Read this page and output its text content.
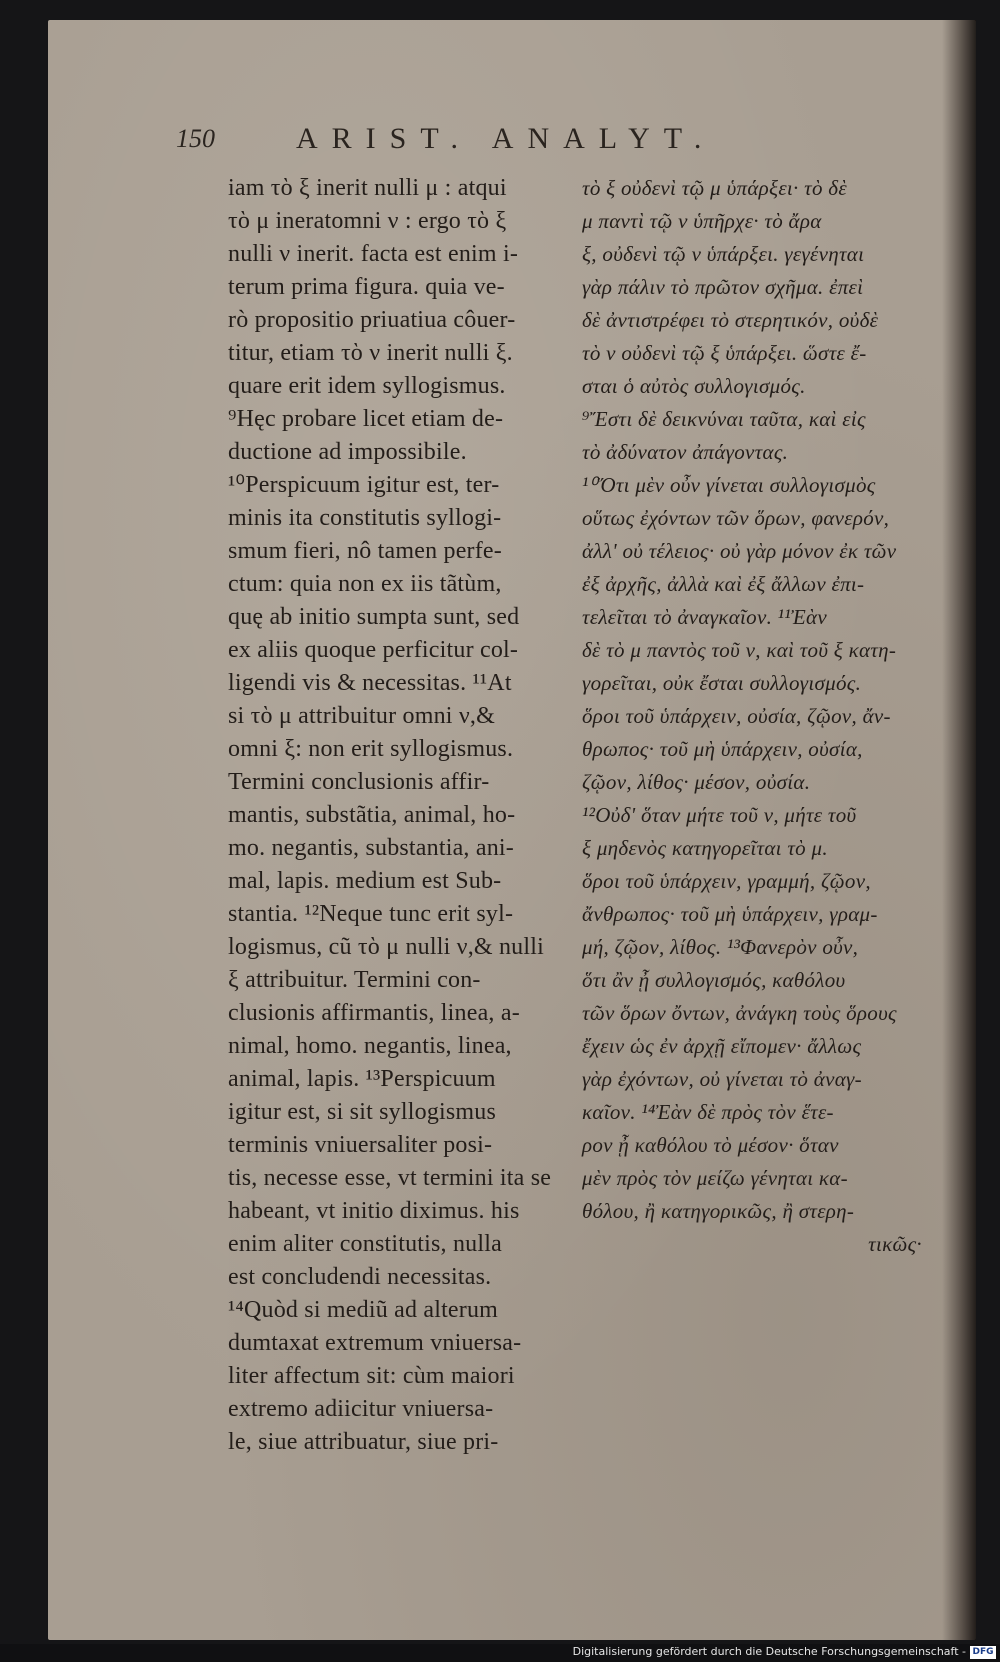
150	ARIST. ANALYT.
iam τὸ ξ inerit nulli μ : atqui
τὸ μ ineratomni ν : ergo τὸ ξ
nulli ν inerit. facta est enim i-
terum prima figura. quia ve-
rò propositio priuatiua côuer-
titur, etiam τὸ ν inerit nulli ξ.
quare erit idem syllogismus.
⁹Hęc probare licet etiam de-
ductione ad impossibile.
¹⁰Perspicuum igitur est, ter-
minis ita constitutis syllogi-
smum fieri, nô tamen perfe-
ctum: quia non ex iis tãtùm,
quę ab initio sumpta sunt, sed
ex aliis quoque perficitur col-
ligendi vis & necessitas. ¹¹At
si τὸ μ attribuitur omni ν,&
omni ξ: non erit syllogismus.
Termini conclusionis affir-
mantis, substãtia, animal, ho-
mo. negantis, substantia, ani-
mal, lapis. medium est Sub-
stantia. ¹²Neque tunc erit syl-
logismus, cũ τὸ μ nulli ν,& nulli
ξ attribuitur. Termini con-
clusionis affirmantis, linea, a-
nimal, homo. negantis, linea,
animal, lapis. ¹³Perspicuum
igitur est, si sit syllogismus
terminis vniuersaliter posi-
tis, necesse esse, vt termini ita se
habeant, vt initio diximus. his
enim aliter constitutis, nulla
est concludendi necessitas.
¹⁴Quòd si mediũ ad alterum
dumtaxat extremum vniuersa-
liter affectum sit: cùm maiori
extremo adiicitur vniuersa-
le, siue attribuatur, siue pri-
τὸ ξ οὐδενὶ τῷ μ ὑπάρξει· τὸ δὲ
μ παντὶ τῷ ν ὑπῆρχε· τὸ ἄρα
ξ, οὐδενὶ τῷ ν ὑπάρξει. γεγένηται
γὰρ πάλιν τὸ πρῶτον σχῆμα. ἐπεὶ
δὲ ἀντιστρέφει τὸ στερητικόν, οὐδὲ
τὸ ν οὐδενὶ τῷ ξ ὑπάρξει. ὥστε ἔ-
σται ὁ αὐτὸς συλλογισμός.
⁹Ἔστι δὲ δεικνύναι ταῦτα, καὶ εἰς
τὸ ἀδύνατον ἀπάγοντας.
¹⁰Ὅτι μὲν οὖν γίνεται συλλογισμὸς
οὕτως ἐχόντων τῶν ὅρων, φανερόν,
ἀλλ' οὐ τέλειος· οὐ γὰρ μόνον ἐκ τῶν
ἐξ ἀρχῆς, ἀλλὰ καὶ ἐξ ἄλλων ἐπι-
τελεῖται τὸ ἀναγκαῖον. ¹¹Ἐὰν
δὲ τὸ μ παντὸς τοῦ ν, καὶ τοῦ ξ κατη-
γορεῖται, οὐκ ἔσται συλλογισμός.
ὅροι τοῦ ὑπάρχειν, οὐσία, ζῷον, ἄν-
θρωπος· τοῦ μὴ ὑπάρχειν, οὐσία,
ζῷον, λίθος· μέσον, οὐσία.
¹²Οὐδ' ὅταν μήτε τοῦ ν, μήτε τοῦ
ξ μηδενὸς κατηγορεῖται τὸ μ.
ὅροι τοῦ ὑπάρχειν, γραμμή, ζῷον,
ἄνθρωπος· τοῦ μὴ ὑπάρχειν, γραμ-
μή, ζῷον, λίθος. ¹³Φανερὸν οὖν,
ὅτι ἂν ᾖ συλλογισμός, καθόλου
τῶν ὅρων ὄντων, ἀνάγκη τοὺς ὅρους
ἔχειν ὡς ἐν ἀρχῇ εἴπομεν· ἄλλως
γὰρ ἐχόντων, οὐ γίνεται τὸ ἀναγ-
καῖον. ¹⁴Ἐὰν δὲ πρὸς τὸν ἕτε-
ρον ᾖ καθόλου τὸ μέσον· ὅταν
μὲν πρὸς τὸν μείζω γένηται κα-
θόλου, ἢ κατηγορικῶς, ἢ στερη-
τικῶς·
Digitalisierung gefördert durch die Deutsche Forschungsgemeinschaft - DFG
